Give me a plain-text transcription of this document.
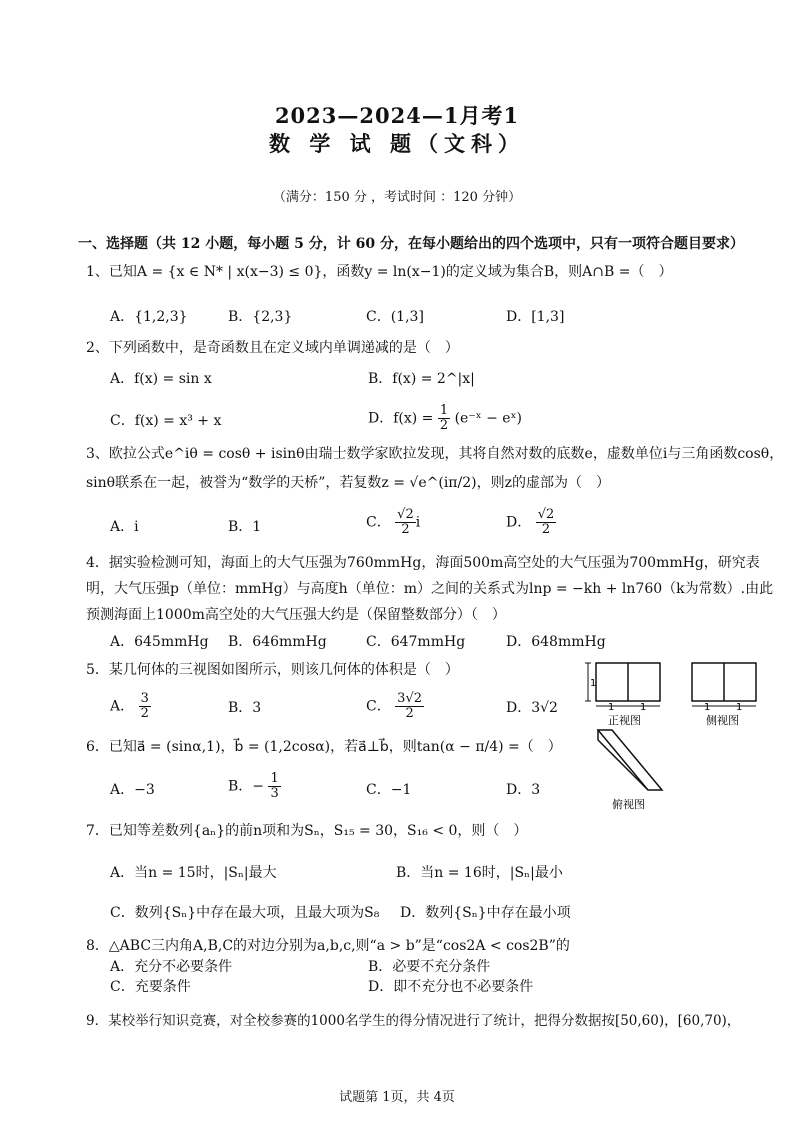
2023—2024—1月考1
数 学 试 题（文科）
（满分：150 分 ，考试时间 ：120 分钟）
一、选择题（共 12 小题，每小题 5 分，计 60 分，在每小题给出的四个选项中，只有一项符合题目要求）
1、已知A = {x ∈ N* | x(x−3) ≤ 0}，函数y = ln(x−1)的定义域为集合B，则A∩B =（　）
A．{1,2,3}	B．{2,3}	C．(1,3]	D．[1,3]
2、下列函数中，是奇函数且在定义域内单调递减的是（　）
A．f(x) = sin x	B．f(x) = 2^|x|
C．f(x) = x³ + x	D．$f(x) = \frac{1}{2}$ (e⁻ˣ − eˣ)
3、欧拉公式e^iθ = cosθ + isinθ由瑞士数学家欧拉发现，其将自然对数的底数e，虚数单位i与三角函数cosθ，
sinθ联系在一起，被誉为“数学的天桥”，若复数z = √e^(iπ/2)，则z的虚部为（　）
A．i	B．1	C． $\frac{√2}{2}$ i	D． $\frac{√2}{2}$
4．据实验检测可知，海面上的大气压强为760mmHg，海面500m高空处的大气压强为700mmHg，研究表
明，大气压强p（单位：mmHg）与高度h（单位：m）之间的关系式为lnp = −kh + ln760（k为常数）.由此
预测海面上1000m高空处的大气压强大约是（保留整数部分）（　）
A．645mmHg B．646mmHg	C．647mmHg	D．648mmHg
5．某几何体的三视图如图所示，则该几何体的体积是（　）
A． $\frac{3}{2}$	B．3	C． $\frac{3√2}{2}$	D．3√2
1
1	1
正视图
1	1
侧视图
俯视图
6．已知a⃗ = (sinα,1)，b⃗ = (1,2cosα)，若a⃗⊥b⃗，则tan(α − π/4) =（　）
A．−3	B．− $\frac{1}{3}$	C．−1	D．3
7．已知等差数列{aₙ}的前n项和为Sₙ，S₁₅ = 30，S₁₆ < 0，则（　）
A．当n = 15时，|Sₙ|最大	B．当n = 16时，|Sₙ|最小
C．数列{Sₙ}中存在最大项，且最大项为S₈ D．数列{Sₙ}中存在最小项
8．△ABC三内角A,B,C的对边分别为a,b,c,则“a > b”是“cos2A < cos2B”的
A．充分不必要条件	B．必要不充分条件
C．充要条件	D．即不充分也不必要条件
9．某校举行知识竞赛，对全校参赛的1000名学生的得分情况进行了统计，把得分数据按[50,60)，[60,70)，
试题第 1页，共 4页
